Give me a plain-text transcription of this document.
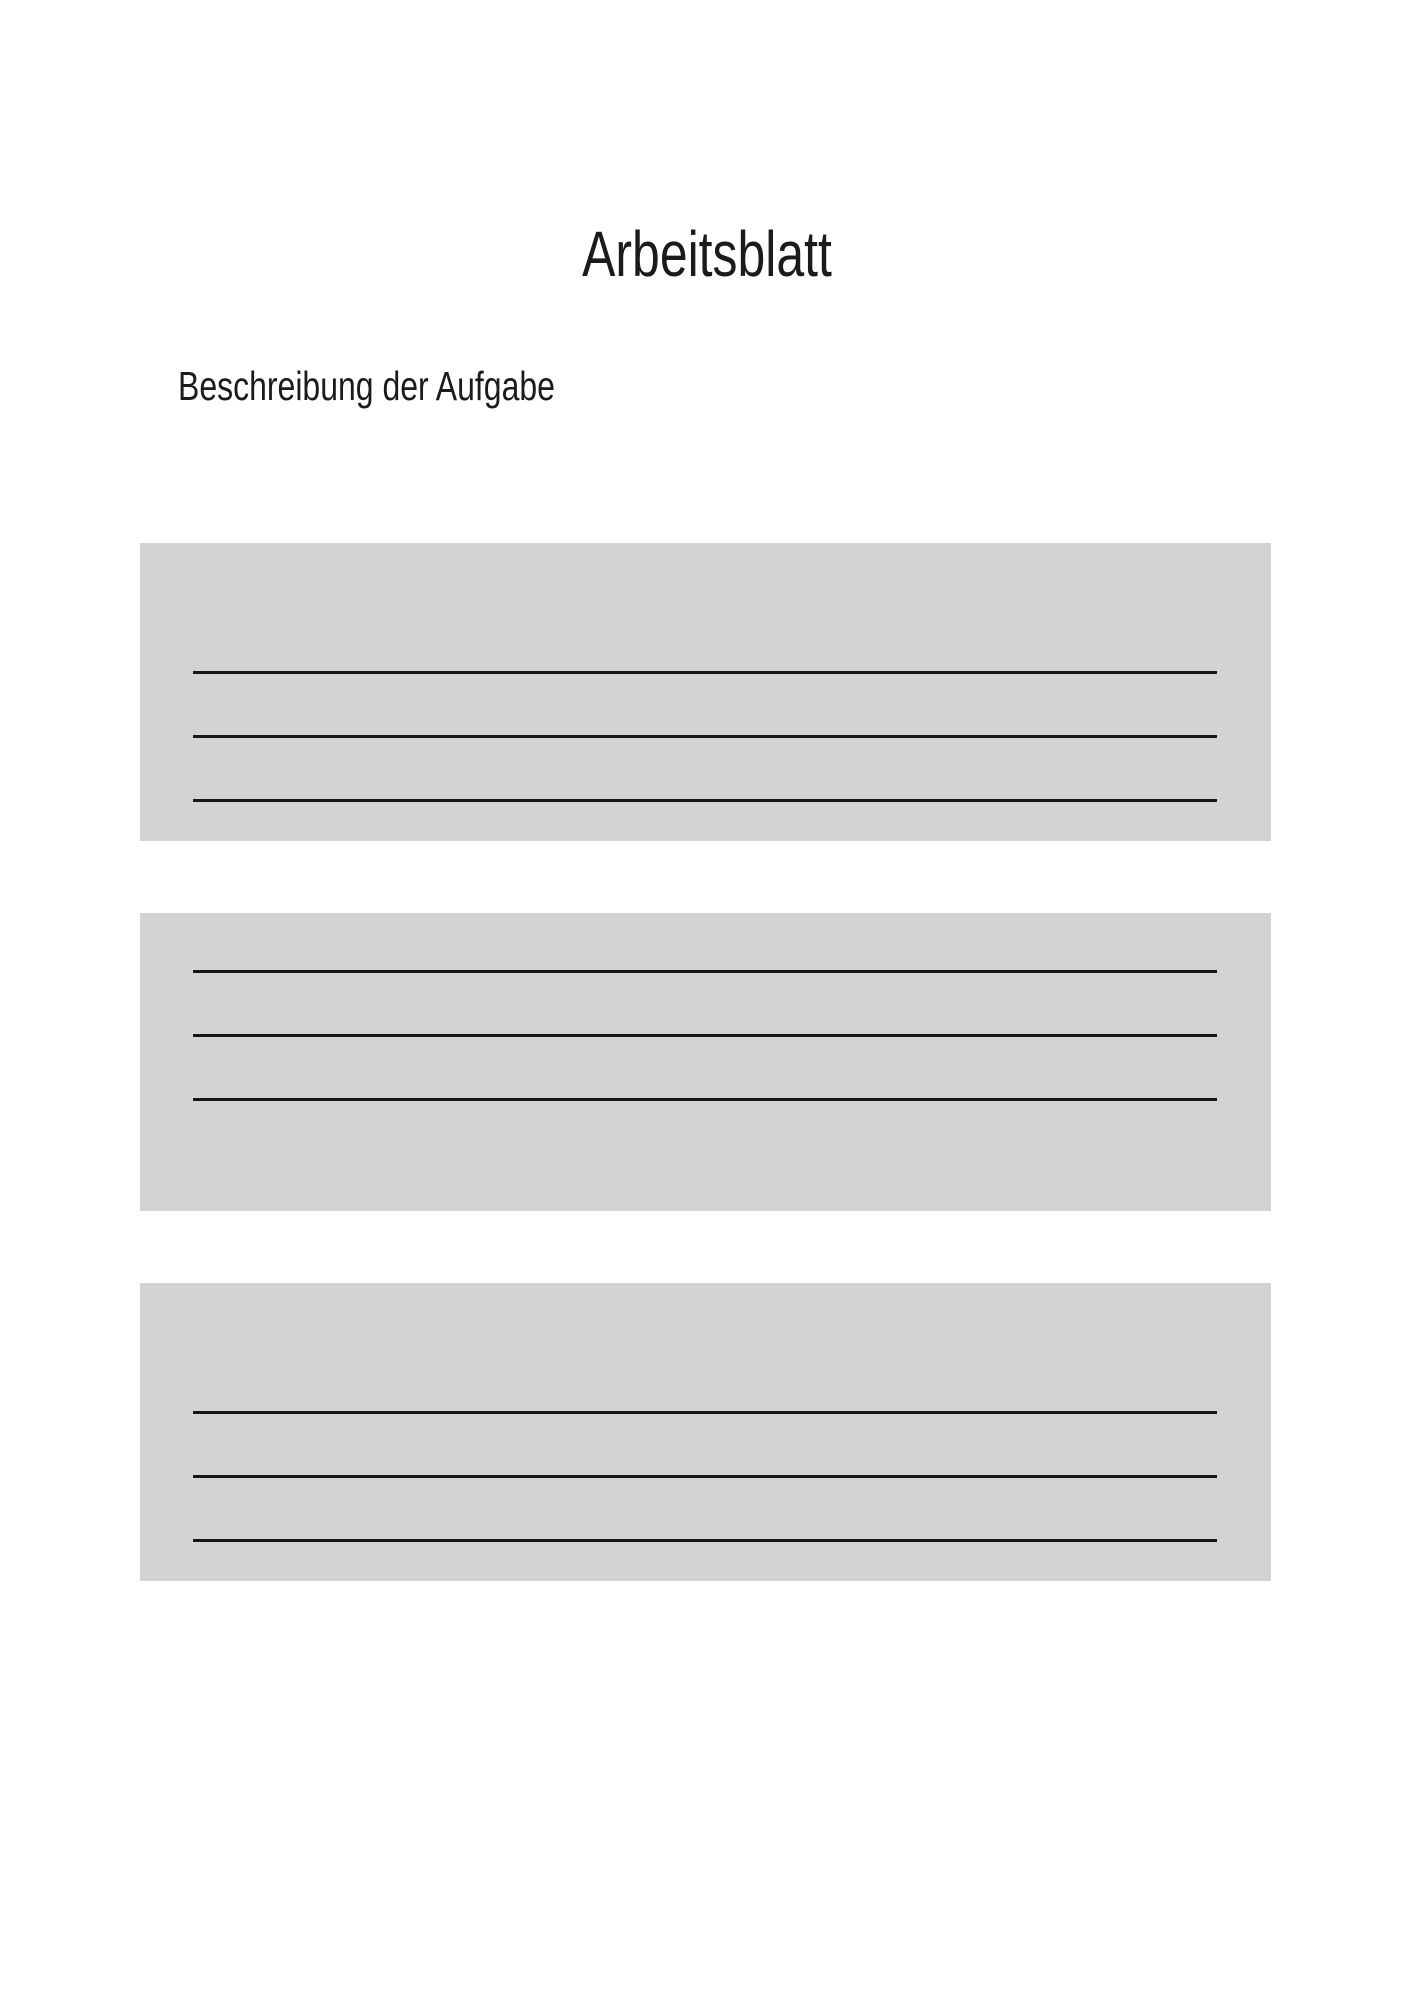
Arbeitsblatt

Beschreibung der Aufgabe
